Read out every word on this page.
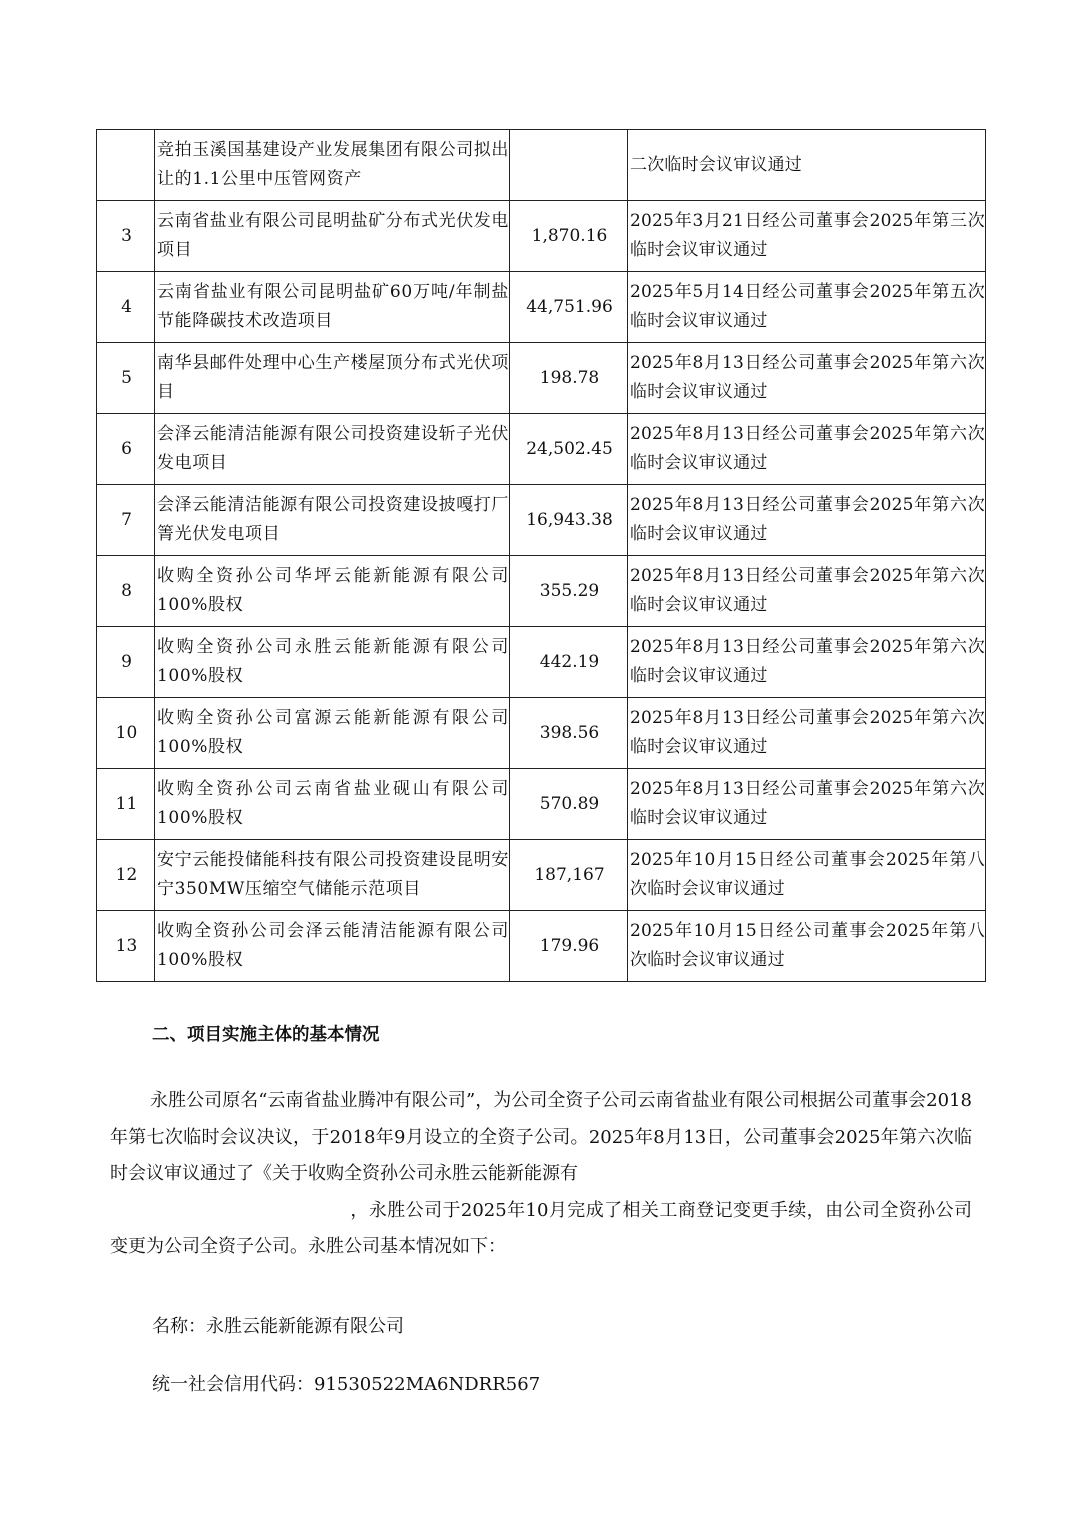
	竞拍玉溪国基建设产业发展集团有限公司拟出让的1.1公里中压管网资产		二次临时会议审议通过
3	云南省盐业有限公司昆明盐矿分布式光伏发电项目	1,870.16	2025年3月21日经公司董事会2025年第三次临时会议审议通过
4	云南省盐业有限公司昆明盐矿60万吨/年制盐节能降碳技术改造项目	44,751.96	2025年5月14日经公司董事会2025年第五次临时会议审议通过
5	南华县邮件处理中心生产楼屋顶分布式光伏项目	198.78	2025年8月13日经公司董事会2025年第六次临时会议审议通过
6	会泽云能清洁能源有限公司投资建设斩子光伏发电项目	24,502.45	2025年8月13日经公司董事会2025年第六次临时会议审议通过
7	会泽云能清洁能源有限公司投资建设披嘎打厂箐光伏发电项目	16,943.38	2025年8月13日经公司董事会2025年第六次临时会议审议通过
8	收购全资孙公司华坪云能新能源有限公司100%股权	355.29	2025年8月13日经公司董事会2025年第六次临时会议审议通过
9	收购全资孙公司永胜云能新能源有限公司100%股权	442.19	2025年8月13日经公司董事会2025年第六次临时会议审议通过
10	收购全资孙公司富源云能新能源有限公司100%股权	398.56	2025年8月13日经公司董事会2025年第六次临时会议审议通过
11	收购全资孙公司云南省盐业砚山有限公司100%股权	570.89	2025年8月13日经公司董事会2025年第六次临时会议审议通过
12	安宁云能投储能科技有限公司投资建设昆明安宁350MW压缩空气储能示范项目	187,167	2025年10月15日经公司董事会2025年第八次临时会议审议通过
13	收购全资孙公司会泽云能清洁能源有限公司100%股权	179.96	2025年10月15日经公司董事会2025年第八次临时会议审议通过
二、项目实施主体的基本情况
永胜公司原名“云南省盐业腾冲有限公司”，为公司全资子公司云南省盐业有限公司根据公司董事会2018年第七次临时会议决议，于2018年9月设立的全资子公司。2025年8月13日，公司董事会2025年第六次临时会议审议通过了《关于收购全资孙公司永胜云能新能源有
，永胜公司于2025年10月完成了相关工商登记变更手续，由公司全资孙公司变更为公司全资子公司。永胜公司基本情况如下：
名称：永胜云能新能源有限公司
统一社会信用代码：91530522MA6NDRR567
